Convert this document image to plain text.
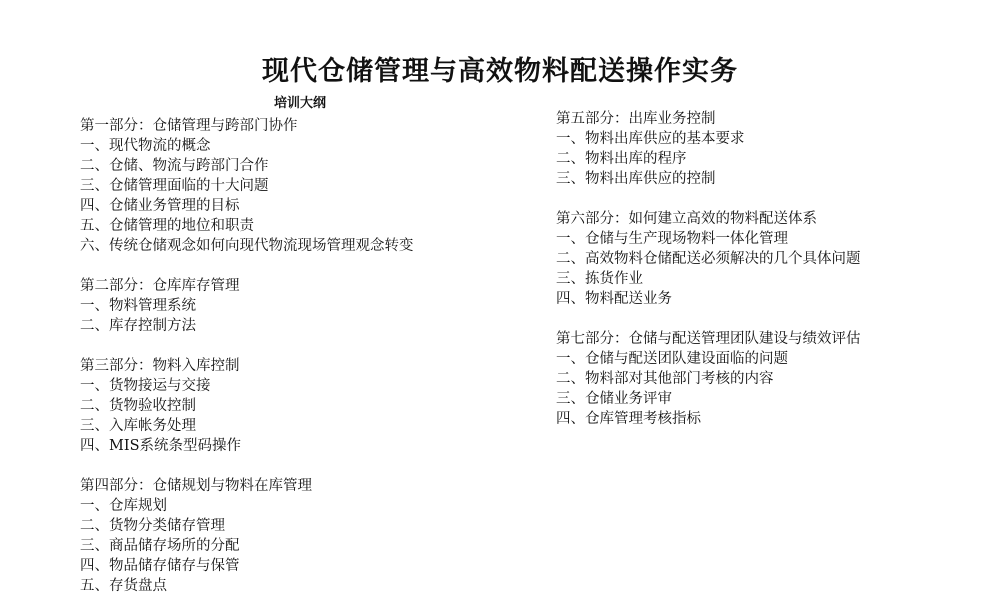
现代仓储管理与高效物料配送操作实务
培训大纲
第一部分：仓储管理与跨部门协作
一、现代物流的概念
二、仓储、物流与跨部门合作
三、仓储管理面临的十大问题
四、仓储业务管理的目标
五、仓储管理的地位和职责
六、传统仓储观念如何向现代物流现场管理观念转变
第二部分：仓库库存管理
一、物料管理系统
二、库存控制方法
第三部分：物料入库控制
一、货物接运与交接
二、货物验收控制
三、入库帐务处理
四、MIS系统条型码操作
第四部分：仓储规划与物料在库管理
一、仓库规划
二、货物分类储存管理
三、商品储存场所的分配
四、物品储存储存与保管
五、存货盘点
第五部分：出库业务控制
一、物料出库供应的基本要求
二、物料出库的程序
三、物料出库供应的控制
第六部分：如何建立高效的物料配送体系
一、仓储与生产现场物料一体化管理
二、高效物料仓储配送必须解决的几个具体问题
三、拣货作业
四、物料配送业务
第七部分：仓储与配送管理团队建设与绩效评估
一、仓储与配送团队建设面临的问题
二、物料部对其他部门考核的内容
三、仓储业务评审
四、仓库管理考核指标
